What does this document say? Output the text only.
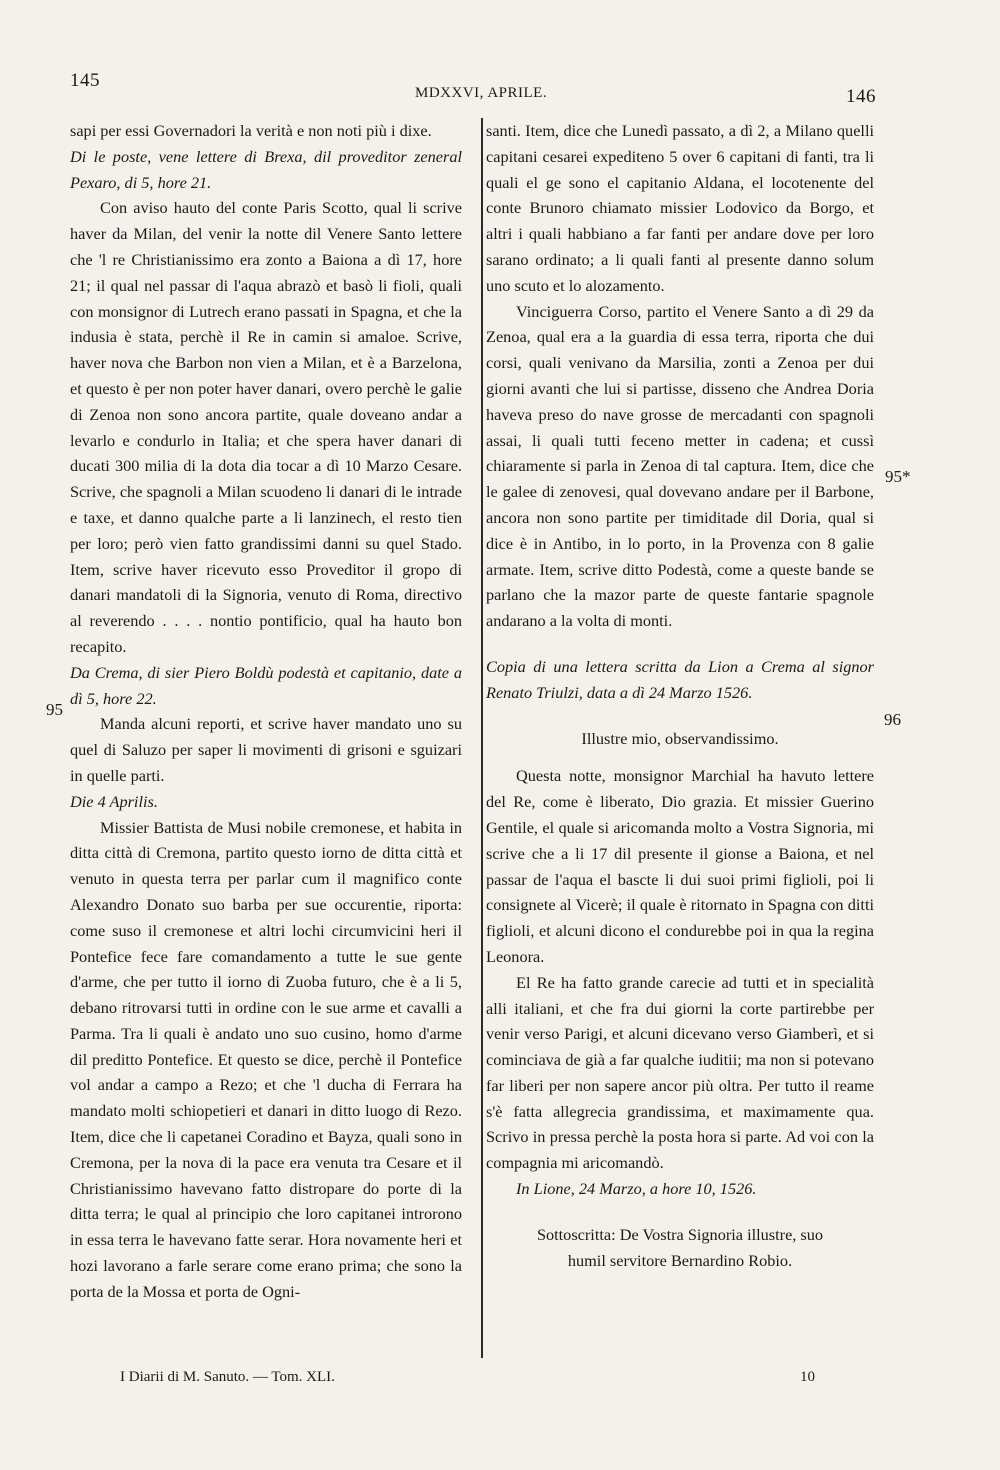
145
MDXXVI, APRILE.	146
95
95*
96

sapi per essi Governadori la verità e non noti più i dixe.

Di le poste, vene lettere di Brexa, dil proveditor zeneral Pexaro, di 5, hore 21.

Con aviso hauto del conte Paris Scotto, qual li scrive haver da Milan, del venir la notte dil Venere Santo lettere che 'l re Christianissimo era zonto a Baiona a dì 17, hore 21; il qual nel passar di l'aqua abrazò et basò li fioli, quali con monsignor di Lutrech erano passati in Spagna, et che la indusia è stata, perchè il Re in camin si amaloe. Scrive, haver nova che Barbon non vien a Milan, et è a Barzelona, et questo è per non poter haver danari, overo perchè le galie di Zenoa non sono ancora partite, quale doveano andar a levarlo e condurlo in Italia; et che spera haver danari di ducati 300 milia di la dota dia tocar a dì 10 Marzo Cesare. Scrive, che spagnoli a Milan scuodeno li danari di le intrade e taxe, et danno qualche parte a li lanzinech, el resto tien per loro; però vien fatto grandissimi danni su quel Stado. Item, scrive haver ricevuto esso Proveditor il gropo di danari mandatoli di la Signoria, venuto di Roma, directivo al reverendo . . . . nontio pontificio, qual ha hauto bon recapito.

Da Crema, di sier Piero Boldù podestà et capitanio, date a dì 5, hore 22.

Manda alcuni reporti, et scrive haver mandato uno su quel di Saluzo per saper li movimenti di grisoni e sguizari in quelle parti.

Die 4 Aprilis.

Missier Battista de Musi nobile cremonese, et habita in ditta città di Cremona, partito questo iorno de ditta città et venuto in questa terra per parlar cum il magnifico conte Alexandro Donato suo barba per sue occurentie, riporta: come suso il cremonese et altri lochi circumvicini heri il Pontefice fece fare comandamento a tutte le sue gente d'arme, che per tutto il iorno di Zuoba futuro, che è a li 5, debano ritrovarsi tutti in ordine con le sue arme et cavalli a Parma. Tra li quali è andato uno suo cusino, homo d'arme dil preditto Pontefice. Et questo se dice, perchè il Pontefice vol andar a campo a Rezo; et che 'l ducha di Ferrara ha mandato molti schiopetieri et danari in ditto luogo di Rezo. Item, dice che li capetanei Coradino et Bayza, quali sono in Cremona, per la nova di la pace era venuta tra Cesare et il Christianissimo havevano fatto distropare do porte di la ditta terra; le qual al principio che loro capitanei introrono in essa terra le havevano fatte serar. Hora novamente heri et hozi lavorano a farle serare come erano prima; che sono la porta de la Mossa et porta de Ogni-

santi. Item, dice che Lunedì passato, a dì 2, a Milano quelli capitani cesarei expediteno 5 over 6 capitani di fanti, tra li quali el ge sono el capitanio Aldana, el locotenente del conte Brunoro chiamato missier Lodovico da Borgo, et altri i quali habbiano a far fanti per andare dove per loro sarano ordinato; a li quali fanti al presente danno solum uno scuto et lo alozamento.

Vinciguerra Corso, partito el Venere Santo a dì 29 da Zenoa, qual era a la guardia di essa terra, riporta che dui corsi, quali venivano da Marsilia, zonti a Zenoa per dui giorni avanti che lui si partisse, disseno che Andrea Doria haveva preso do nave grosse de mercadanti con spagnoli assai, li quali tutti feceno metter in cadena; et cussì chiaramente si parla in Zenoa di tal captura. Item, dice che le galee di zenovesi, qual dovevano andare per il Barbone, ancora non sono partite per timiditade dil Doria, qual si dice è in Antibo, in lo porto, in la Provenza con 8 galie armate. Item, scrive ditto Podestà, come a queste bande se parlano che la mazor parte de queste fantarie spagnole andarano a la volta di monti.

Copia di una lettera scritta da Lion a Crema al signor Renato Triulzi, data a dì 24 Marzo 1526.

Illustre mio, observandissimo.

Questa notte, monsignor Marchial ha havuto lettere del Re, come è liberato, Dio grazia. Et missier Guerino Gentile, el quale si aricomanda molto a Vostra Signoria, mi scrive che a li 17 dil presente il gionse a Baiona, et nel passar de l'aqua el bascte li dui suoi primi figlioli, poi li consignete al Vicerè; il quale è ritornato in Spagna con ditti figlioli, et alcuni dicono el condurebbe poi in qua la regina Leonora.

El Re ha fatto grande carecie ad tutti et in specialità alli italiani, et che fra dui giorni la corte partirebbe per venir verso Parigi, et alcuni dicevano verso Giamberì, et si cominciava de già a far qualche iuditii; ma non si potevano far liberi per non sapere ancor più oltra. Per tutto il reame s'è fatta allegrecia grandissima, et maximamente qua. Scrivo in pressa perchè la posta hora si parte. Ad voi con la compagnia mi aricomandò.

In Lione, 24 Marzo, a hore 10, 1526.

Sottoscritta: De Vostra Signoria illustre, suo

humil servitore Bernardino Robio.

I Diarii di M. Sanuto. — Tom. XLI.	10
